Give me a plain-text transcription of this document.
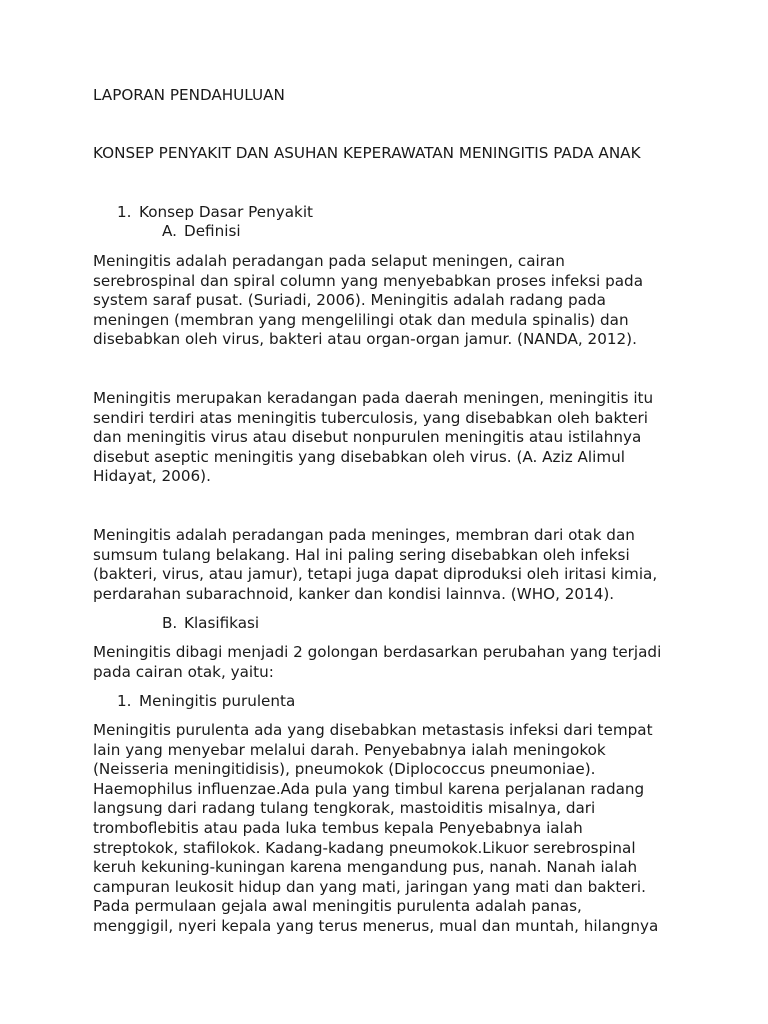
LAPORAN PENDAHULUAN

KONSEP PENYAKIT DAN ASUHAN KEPERAWATAN MENINGITIS PADA ANAK

1. Konsep Dasar Penyakit

A. Definisi

Meningitis adalah peradangan pada selaput meningen, cairan
serebrospinal dan spiral column yang menyebabkan proses infeksi pada
system saraf pusat. (Suriadi, 2006). Meningitis adalah radang pada
meningen (membran yang mengelilingi otak dan medula spinalis) dan
disebabkan oleh virus, bakteri atau organ-organ jamur. (NANDA, 2012).
Meningitis merupakan keradangan pada daerah meningen, meningitis itu
sendiri terdiri atas meningitis tuberculosis, yang disebabkan oleh bakteri
dan meningitis virus atau disebut nonpurulen meningitis atau istilahnya
disebut aseptic meningitis yang disebabkan oleh virus. (A. Aziz Alimul
Hidayat, 2006).
Meningitis adalah peradangan pada meninges, membran dari otak dan
sumsum tulang belakang. Hal ini paling sering disebabkan oleh infeksi
(bakteri, virus, atau jamur), tetapi juga dapat diproduksi oleh iritasi kimia,
perdarahan subarachnoid, kanker dan kondisi lainnva. (WHO, 2014).

B. Klasifikasi

Meningitis dibagi menjadi 2 golongan berdasarkan perubahan yang terjadi
pada cairan otak, yaitu:

1. Meningitis purulenta

Meningitis purulenta ada yang disebabkan metastasis infeksi dari tempat
lain yang menyebar melalui darah. Penyebabnya ialah meningokok
(Neisseria meningitidisis), pneumokok (Diplococcus pneumoniae).
Haemophilus influenzae.Ada pula yang timbul karena perjalanan radang
langsung dari radang tulang tengkorak, mastoiditis misalnya, dari
tromboflebitis atau pada luka tembus kepala Penyebabnya ialah
streptokok, stafilokok. Kadang-kadang pneumokok.Likuor serebrospinal
keruh kekuning-kuningan karena mengandung pus, nanah. Nanah ialah
campuran leukosit hidup dan yang mati, jaringan yang mati dan bakteri.
Pada permulaan gejala awal meningitis purulenta adalah panas,
menggigil, nyeri kepala yang terus menerus, mual dan muntah, hilangnya
